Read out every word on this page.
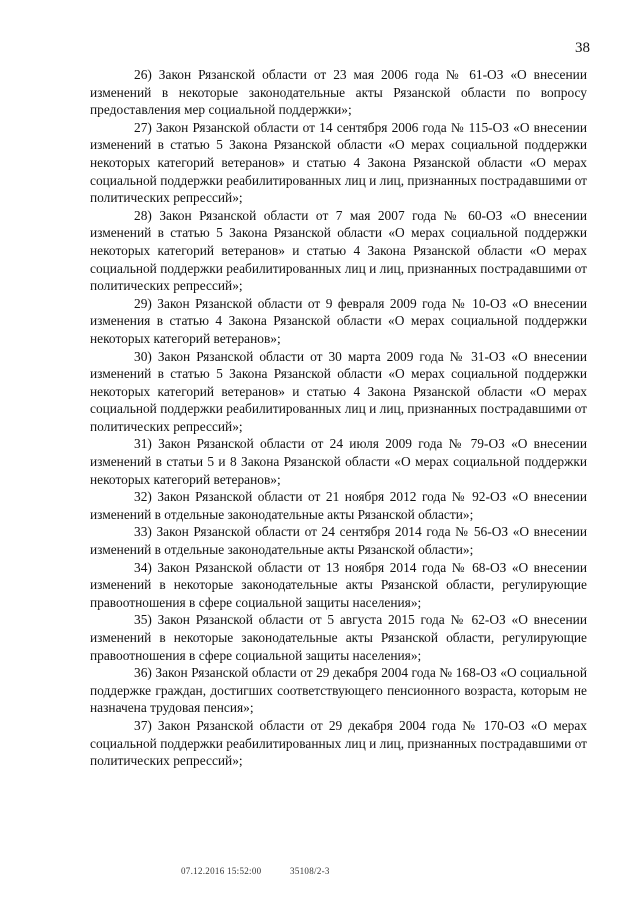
38

26) Закон Рязанской области от 23 мая 2006 года № 61-ОЗ «О внесении изменений в некоторые законодательные акты Рязанской области по вопросу предоставления мер социальной поддержки»;

27) Закон Рязанской области от 14 сентября 2006 года № 115-ОЗ «О внесении изменений в статью 5 Закона Рязанской области «О мерах социальной поддержки некоторых категорий ветеранов» и статью 4 Закона Рязанской области «О мерах социальной поддержки реабилитированных лиц и лиц, признанных пострадавшими от политических репрессий»;

28) Закон Рязанской области от 7 мая 2007 года № 60-ОЗ «О внесении изменений в статью 5 Закона Рязанской области «О мерах социальной поддержки некоторых категорий ветеранов» и статью 4 Закона Рязанской области «О мерах социальной поддержки реабилитированных лиц и лиц, признанных пострадавшими от политических репрессий»;

29) Закон Рязанской области от 9 февраля 2009 года № 10-ОЗ «О внесении изменения в статью 4 Закона Рязанской области «О мерах социальной поддержки некоторых категорий ветеранов»;

30) Закон Рязанской области от 30 марта 2009 года № 31-ОЗ «О внесении изменений в статью 5 Закона Рязанской области «О мерах социальной поддержки некоторых категорий ветеранов» и статью 4 Закона Рязанской области «О мерах социальной поддержки реабилитированных лиц и лиц, признанных пострадавшими от политических репрессий»;

31) Закон Рязанской области от 24 июля 2009 года № 79-ОЗ «О внесении изменений в статьи 5 и 8 Закона Рязанской области «О мерах социальной поддержки некоторых категорий ветеранов»;

32) Закон Рязанской области от 21 ноября 2012 года № 92-ОЗ «О внесении изменений в отдельные законодательные акты Рязанской области»;

33) Закон Рязанской области от 24 сентября 2014 года № 56-ОЗ «О внесении изменений в отдельные законодательные акты Рязанской области»;

34) Закон Рязанской области от 13 ноября 2014 года № 68-ОЗ «О внесении изменений в некоторые законодательные акты Рязанской области, регулирующие правоотношения в сфере социальной защиты населения»;

35) Закон Рязанской области от 5 августа 2015 года № 62-ОЗ «О внесении изменений в некоторые законодательные акты Рязанской области, регулирующие правоотношения в сфере социальной защиты населения»;

36) Закон Рязанской области от 29 декабря 2004 года № 168-ОЗ «О социальной поддержке граждан, достигших соответствующего пенсионного возраста, которым не назначена трудовая пенсия»;

37) Закон Рязанской области от 29 декабря 2004 года № 170-ОЗ «О мерах социальной поддержки реабилитированных лиц и лиц, признанных пострадавшими от политических репрессий»;

07.12.2016 15:52:00	35108/2-3
